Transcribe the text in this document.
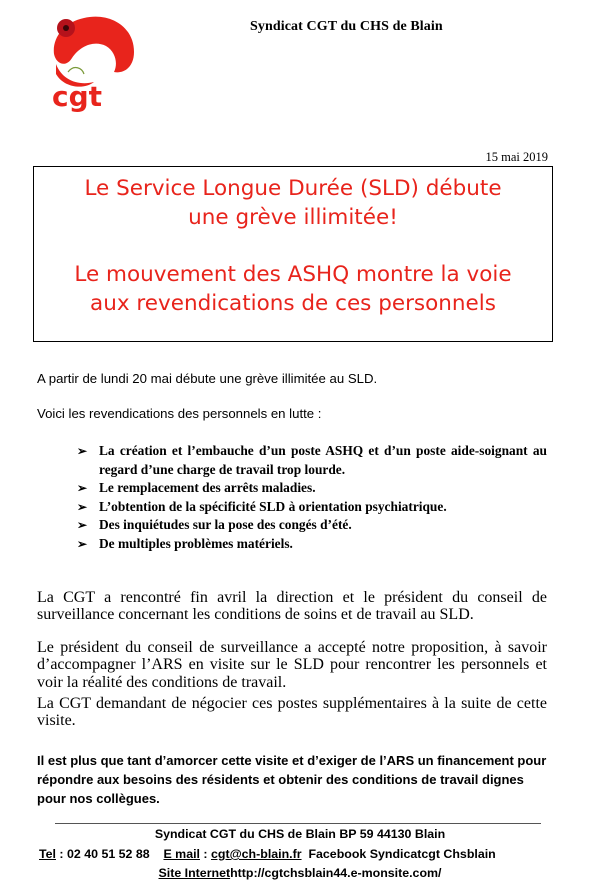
cgt
Syndicat CGT du CHS de Blain
15 mai 2019
Le Service Longue Durée (SLD) débute
une grève illimitée!
Le mouvement des ASHQ montre la voie
aux revendications de ces personnels
A partir de lundi 20 mai débute une grève illimitée au SLD.
Voici les revendications des personnels en lutte :
➢ La création et l’embauche d’un poste ASHQ et d’un poste aide-soignant au regard d’une charge de travail trop lourde.
➢ Le remplacement des arrêts maladies.
➢ L’obtention de la spécificité SLD à orientation psychiatrique.
➢ Des inquiétudes sur la pose des congés d’été.
➢ De multiples problèmes matériels.
La CGT a rencontré fin avril la direction et le président du conseil de surveillance concernant les conditions de soins et de travail au SLD.
Le président du conseil de surveillance a accepté notre proposition, à savoir d’accompagner l’ARS en visite sur le SLD pour rencontrer les personnels et voir la réalité des conditions de travail.
La CGT demandant de négocier ces postes supplémentaires à la suite de cette visite.
Il est plus que tant d’amorcer cette visite et d’exiger de l’ARS un financement pour répondre aux besoins des résidents et obtenir des conditions de travail dignes pour nos collègues.
Syndicat CGT du CHS de Blain BP 59 44130 Blain
Tel : 02 40 51 52 88 E mail : cgt@ch-blain.fr Facebook Syndicatcgt Chsblain
Site Internethttp://cgtchsblain44.e-monsite.com/
